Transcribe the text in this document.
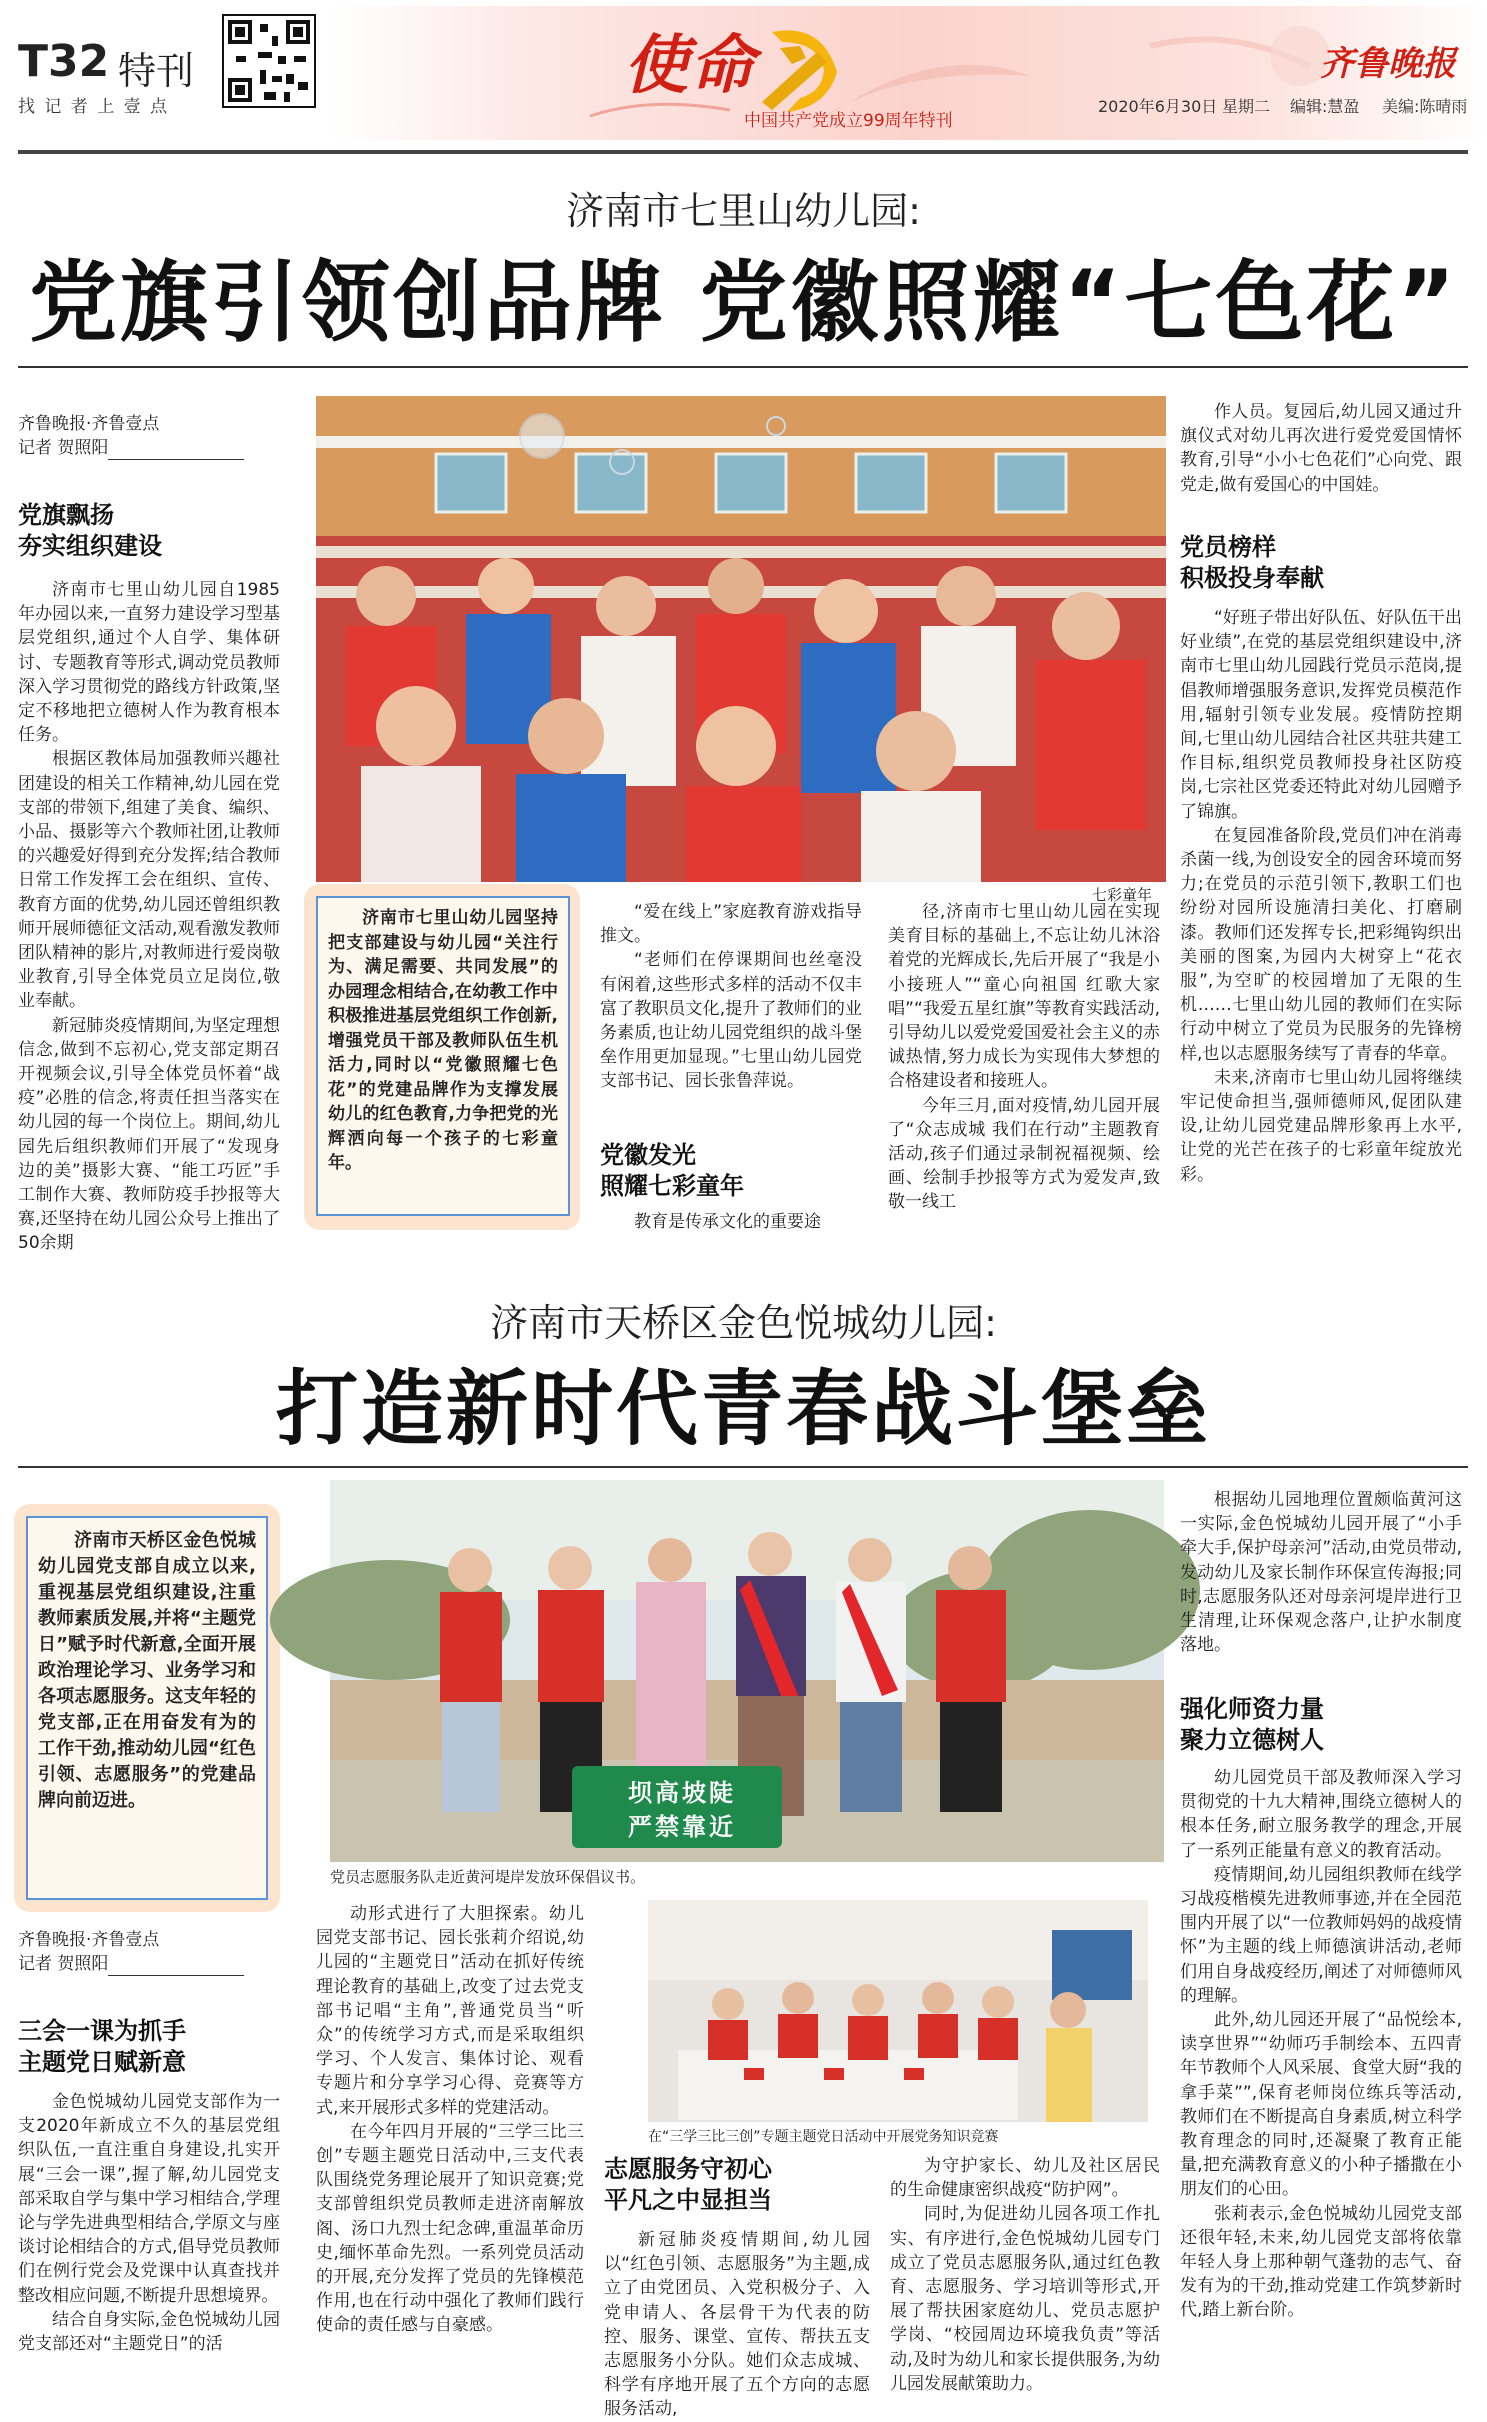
T32 特刊
找 记 者 上 壹 点
使命
中国共产党成立99周年特刊
齐鲁晚报
2020年6月30日 星期二 编辑:慧盈 美编:陈晴雨
济南市七里山幼儿园:
党旗引领创品牌 党徽照耀“七色花”
齐鲁晚报·齐鲁壹点
记者 贺照阳
党旗飘扬
夯实组织建设

济南市七里山幼儿园自1985年办园以来,一直努力建设学习型基层党组织,通过个人自学、集体研讨、专题教育等形式,调动党员教师深入学习贯彻党的路线方针政策,坚定不移地把立德树人作为教育根本任务。

根据区教体局加强教师兴趣社团建设的相关工作精神,幼儿园在党支部的带领下,组建了美食、编织、小品、摄影等六个教师社团,让教师的兴趣爱好得到充分发挥;结合教师日常工作发挥工会在组织、宣传、教育方面的优势,幼儿园还曾组织教师开展师德征文活动,观看激发教师团队精神的影片,对教师进行爱岗敬业教育,引导全体党员立足岗位,敬业奉献。

新冠肺炎疫情期间,为坚定理想信念,做到不忘初心,党支部定期召开视频会议,引导全体党员怀着“战疫”必胜的信念,将责任担当落实在幼儿园的每一个岗位上。期间,幼儿园先后组织教师们开展了“发现身边的美”摄影大赛、“能工巧匠”手工制作大赛、教师防疫手抄报等大赛,还坚持在幼儿园公众号上推出了50余期

七彩童年
济南市七里山幼儿园坚持把支部建设与幼儿园“关注行为、满足需要、共同发展”的办园理念相结合,在幼教工作中积极推进基层党组织工作创新,增强党员干部及教师队伍生机活力,同时以“党徽照耀七色花”的党建品牌作为支撑发展幼儿的红色教育,力争把党的光辉洒向每一个孩子的七彩童年。

“爱在线上”家庭教育游戏指导推文。

“老师们在停课期间也丝毫没有闲着,这些形式多样的活动不仅丰富了教职员文化,提升了教师们的业务素质,也让幼儿园党组织的战斗堡垒作用更加显现。”七里山幼儿园党支部书记、园长张鲁萍说。

党徽发光
照耀七彩童年
教育是传承文化的重要途

径,济南市七里山幼儿园在实现美育目标的基础上,不忘让幼儿沐浴着党的光辉成长,先后开展了“我是小小接班人”“童心向祖国 红歌大家唱”“我爱五星红旗”等教育实践活动,引导幼儿以爱党爱国爱社会主义的赤诚热情,努力成长为实现伟大梦想的合格建设者和接班人。

今年三月,面对疫情,幼儿园开展了“众志成城 我们在行动”主题教育活动,孩子们通过录制祝福视频、绘画、绘制手抄报等方式为爱发声,致敬一线工

作人员。复园后,幼儿园又通过升旗仪式对幼儿再次进行爱党爱国情怀教育,引导“小小七色花们”心向党、跟党走,做有爱国心的中国娃。

党员榜样
积极投身奉献

“好班子带出好队伍、好队伍干出好业绩”,在党的基层党组织建设中,济南市七里山幼儿园践行党员示范岗,提倡教师增强服务意识,发挥党员模范作用,辐射引领专业发展。疫情防控期间,七里山幼儿园结合社区共驻共建工作目标,组织党员教师投身社区防疫岗,七宗社区党委还特此对幼儿园赠予了锦旗。

在复园准备阶段,党员们冲在消毒杀菌一线,为创设安全的园舍环境而努力;在党员的示范引领下,教职工们也纷纷对园所设施清扫美化、打磨刷漆。教师们还发挥专长,把彩绳钩织出美丽的图案,为园内大树穿上“花衣服”,为空旷的校园增加了无限的生机……七里山幼儿园的教师们在实际行动中树立了党员为民服务的先锋榜样,也以志愿服务续写了青春的华章。

未来,济南市七里山幼儿园将继续牢记使命担当,强师德师风,促团队建设,让幼儿园党建品牌形象再上水平,让党的光芒在孩子的七彩童年绽放光彩。

济南市天桥区金色悦城幼儿园:
打造新时代青春战斗堡垒
济南市天桥区金色悦城幼儿园党支部自成立以来,重视基层党组织建设,注重教师素质发展,并将“主题党日”赋予时代新意,全面开展政治理论学习、业务学习和各项志愿服务。这支年轻的党支部,正在用奋发有为的工作干劲,推动幼儿园“红色引领、志愿服务”的党建品牌向前迈进。	坝高坡陡
严禁靠近
党员志愿服务队走近黄河堤岸发放环保倡议书。
齐鲁晚报·齐鲁壹点
记者 贺照阳
三会一课为抓手
主题党日赋新意

金色悦城幼儿园党支部作为一支2020年新成立不久的基层党组织队伍,一直注重自身建设,扎实开展“三会一课”,握了解,幼儿园党支部采取自学与集中学习相结合,学理论与学先进典型相结合,学原文与座谈讨论相结合的方式,倡导党员教师们在例行党会及党课中认真查找并整改相应问题,不断提升思想境界。

结合自身实际,金色悦城幼儿园党支部还对“主题党日”的活

动形式进行了大胆探索。幼儿园党支部书记、园长张莉介绍说,幼儿园的“主题党日”活动在抓好传统理论教育的基础上,改变了过去党支部书记唱“主角”,普通党员当“听众”的传统学习方式,而是采取组织学习、个人发言、集体讨论、观看专题片和分享学习心得、竞赛等方式,来开展形式多样的党建活动。

在今年四月开展的“三学三比三创”专题主题党日活动中,三支代表队围绕党务理论展开了知识竞赛;党支部曾组织党员教师走进济南解放阁、汤口九烈士纪念碑,重温革命历史,缅怀革命先烈。一系列党员活动的开展,充分发挥了党员的先锋模范作用,也在行动中强化了教师们践行使命的责任感与自豪感。

在“三学三比三创”专题主题党日活动中开展党务知识竞赛
志愿服务守初心
平凡之中显担当

新冠肺炎疫情期间,幼儿园以“红色引领、志愿服务”为主题,成立了由党团员、入党积极分子、入党申请人、各层骨干为代表的防控、服务、课堂、宣传、帮扶五支志愿服务小分队。她们众志成城、科学有序地开展了五个方向的志愿服务活动,

为守护家长、幼儿及社区居民的生命健康密织战疫“防护网”。

同时,为促进幼儿园各项工作扎实、有序进行,金色悦城幼儿园专门成立了党员志愿服务队,通过红色教育、志愿服务、学习培训等形式,开展了帮扶困家庭幼儿、党员志愿护学岗、“校园周边环境我负责”等活动,及时为幼儿和家长提供服务,为幼儿园发展献策助力。

根据幼儿园地理位置颇临黄河这一实际,金色悦城幼儿园开展了“小手牵大手,保护母亲河”活动,由党员带动,发动幼儿及家长制作环保宣传海报;同时,志愿服务队还对母亲河堤岸进行卫生清理,让环保观念落户,让护水制度落地。

强化师资力量
聚力立德树人

幼儿园党员干部及教师深入学习贯彻党的十九大精神,围绕立德树人的根本任务,耐立服务教学的理念,开展了一系列正能量有意义的教育活动。

疫情期间,幼儿园组织教师在线学习战疫楷模先进教师事迹,并在全园范围内开展了以“一位教师妈妈的战疫情怀”为主题的线上师德演讲活动,老师们用自身战疫经历,阐述了对师德师风的理解。

此外,幼儿园还开展了“品悦绘本,读享世界”“幼师巧手制绘本、五四青年节教师个人风采展、食堂大厨“我的拿手菜””,保育老师岗位练兵等活动,教师们在不断提高自身素质,树立科学教育理念的同时,还凝聚了教育正能量,把充满教育意义的小种子播撒在小朋友们的心田。

张莉表示,金色悦城幼儿园党支部还很年轻,未来,幼儿园党支部将依靠年轻人身上那种朝气蓬勃的志气、奋发有为的干劲,推动党建工作筑梦新时代,踏上新台阶。
